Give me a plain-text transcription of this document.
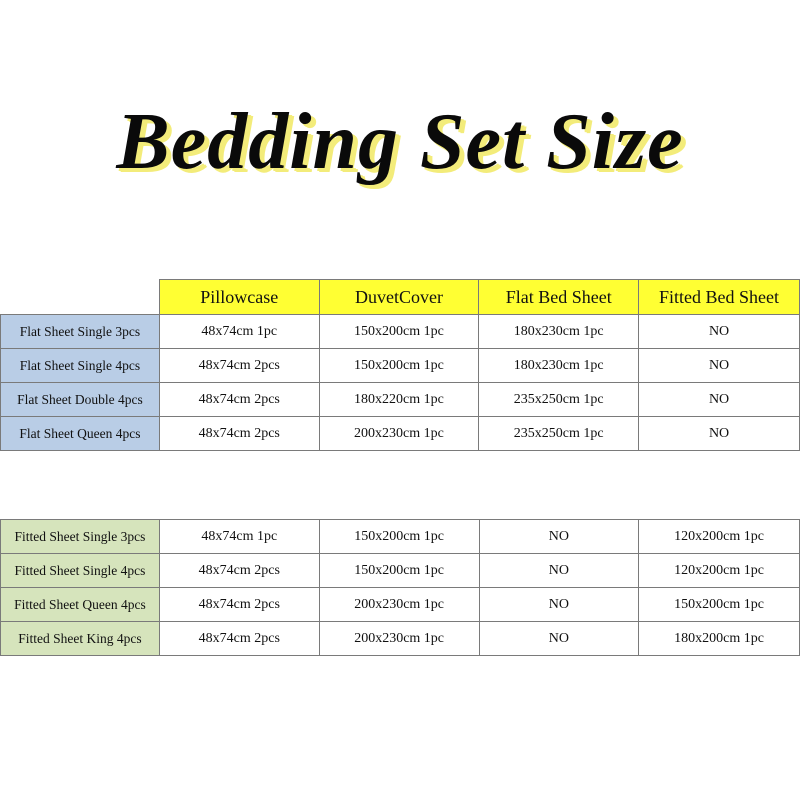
Bedding Set Size
	Pillowcase	DuvetCover	Flat Bed Sheet	Fitted Bed Sheet
Flat Sheet Single 3pcs	48x74cm 1pc	150x200cm 1pc	180x230cm 1pc	NO
Flat Sheet Single 4pcs	48x74cm 2pcs	150x200cm 1pc	180x230cm 1pc	NO
Flat Sheet Double 4pcs	48x74cm 2pcs	180x220cm 1pc	235x250cm 1pc	NO
Flat Sheet Queen 4pcs	48x74cm 2pcs	200x230cm 1pc	235x250cm 1pc	NO
Fitted Sheet Single 3pcs	48x74cm 1pc	150x200cm 1pc	NO	120x200cm 1pc
Fitted Sheet Single 4pcs	48x74cm 2pcs	150x200cm 1pc	NO	120x200cm 1pc
Fitted Sheet Queen 4pcs	48x74cm 2pcs	200x230cm 1pc	NO	150x200cm 1pc
Fitted Sheet King 4pcs	48x74cm 2pcs	200x230cm 1pc	NO	180x200cm 1pc
